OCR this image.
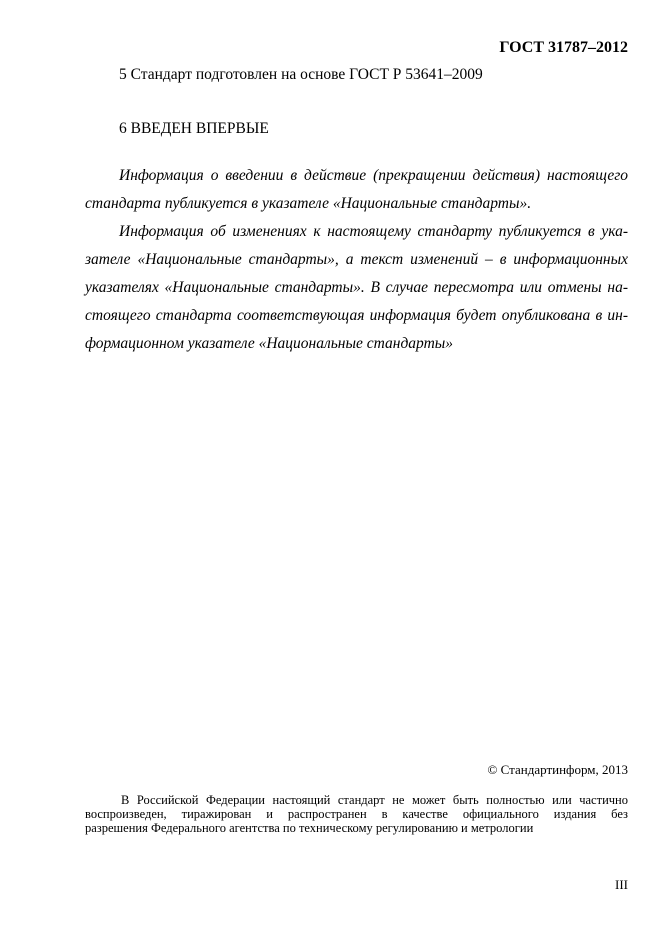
ГОСТ 31787–2012
5 Стандарт подготовлен на основе ГОСТ Р 53641–2009
6 ВВЕДЕН ВПЕРВЫЕ
Информация о введении в действие (прекращении действия) настоящего
стандарта публикуется в указателе «Национальные стандарты».
Информация об изменениях к настоящему стандарту публикуется в ука-
зателе «Национальные стандарты», а текст изменений – в информационных
указателях «Национальные стандарты». В случае пересмотра или отмены на-
стоящего стандарта соответствующая информация будет опубликована в ин-
формационном указателе «Национальные стандарты»
© Стандартинформ, 2013
В Российской Федерации настоящий стандарт не может быть полностью или частично
воспроизведен, тиражирован и распространен в качестве официального издания без
разрешения Федерального агентства по техническому регулированию и метрологии
III
